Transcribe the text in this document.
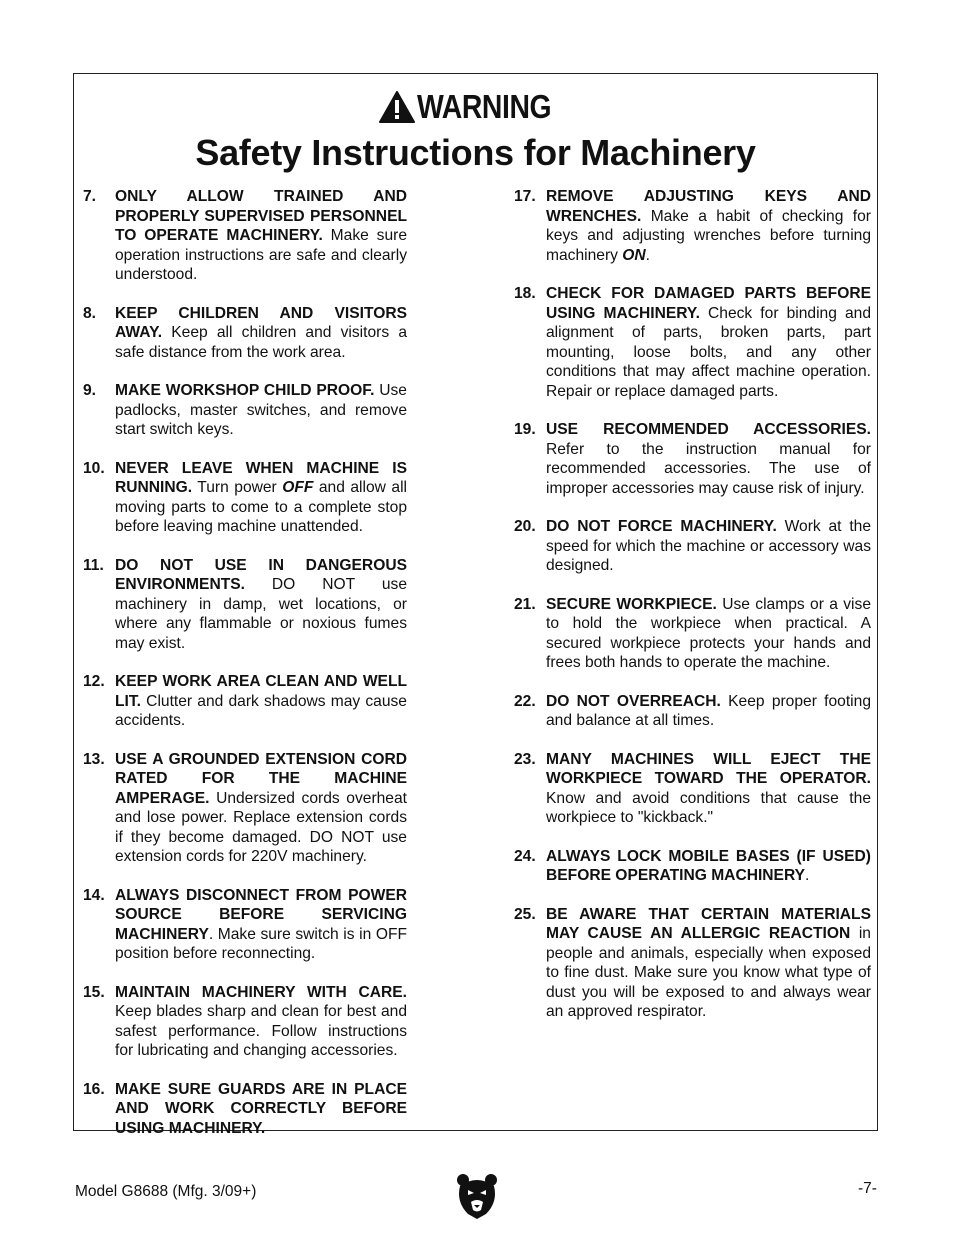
WARNING
Safety Instructions for Machinery
7.	ONLY ALLOW TRAINED AND PROPERLY SUPERVISED PERSONNEL TO OPERATE MACHINERY. Make sure operation instructions are safe and clearly understood.
8.	KEEP CHILDREN AND VISITORS AWAY. Keep all children and visitors a safe distance from the work area.
9.	MAKE WORKSHOP CHILD PROOF. Use padlocks, master switches, and remove start switch keys.
10. NEVER LEAVE WHEN MACHINE IS RUNNING. Turn power OFF and allow all moving parts to come to a complete stop before leaving machine unattended.
11. DO NOT USE IN DANGEROUS ENVIRONMENTS. DO NOT use machinery in damp, wet locations, or where any flammable or noxious fumes may exist.
12. KEEP WORK AREA CLEAN AND WELL LIT. Clutter and dark shadows may cause accidents.
13. USE A GROUNDED EXTENSION CORD RATED FOR THE MACHINE AMPERAGE. Undersized cords overheat and lose power. Replace extension cords if they become damaged. DO NOT use extension cords for 220V machinery.
14. ALWAYS DISCONNECT FROM POWER SOURCE BEFORE SERVICING MACHINERY. Make sure switch is in OFF position before reconnecting.
15. MAINTAIN MACHINERY WITH CARE. Keep blades sharp and clean for best and safest performance. Follow instructions for lubricating and changing accessories.
16. MAKE SURE GUARDS ARE IN PLACE AND WORK CORRECTLY BEFORE USING MACHINERY.
17. REMOVE ADJUSTING KEYS AND WRENCHES. Make a habit of checking for keys and adjusting wrenches before turning machinery ON.
18. CHECK FOR DAMAGED PARTS BEFORE USING MACHINERY. Check for binding and alignment of parts, broken parts, part mounting, loose bolts, and any other conditions that may affect machine operation. Repair or replace damaged parts.
19. USE RECOMMENDED ACCESSORIES. Refer to the instruction manual for recommended accessories. The use of improper accessories may cause risk of injury.
20. DO NOT FORCE MACHINERY. Work at the speed for which the machine or accessory was designed.
21. SECURE WORKPIECE. Use clamps or a vise to hold the workpiece when practical. A secured workpiece protects your hands and frees both hands to operate the machine.
22. DO NOT OVERREACH. Keep proper footing and balance at all times.
23. MANY MACHINES WILL EJECT THE WORKPIECE TOWARD THE OPERATOR. Know and avoid conditions that cause the workpiece to "kickback."
24. ALWAYS LOCK MOBILE BASES (IF USED) BEFORE OPERATING MACHINERY.
25. BE AWARE THAT CERTAIN MATERIALS MAY CAUSE AN ALLERGIC REACTION in people and animals, especially when exposed to fine dust. Make sure you know what type of dust you will be exposed to and always wear an approved respirator.
Model G8688 (Mfg. 3/09+)	-7-
